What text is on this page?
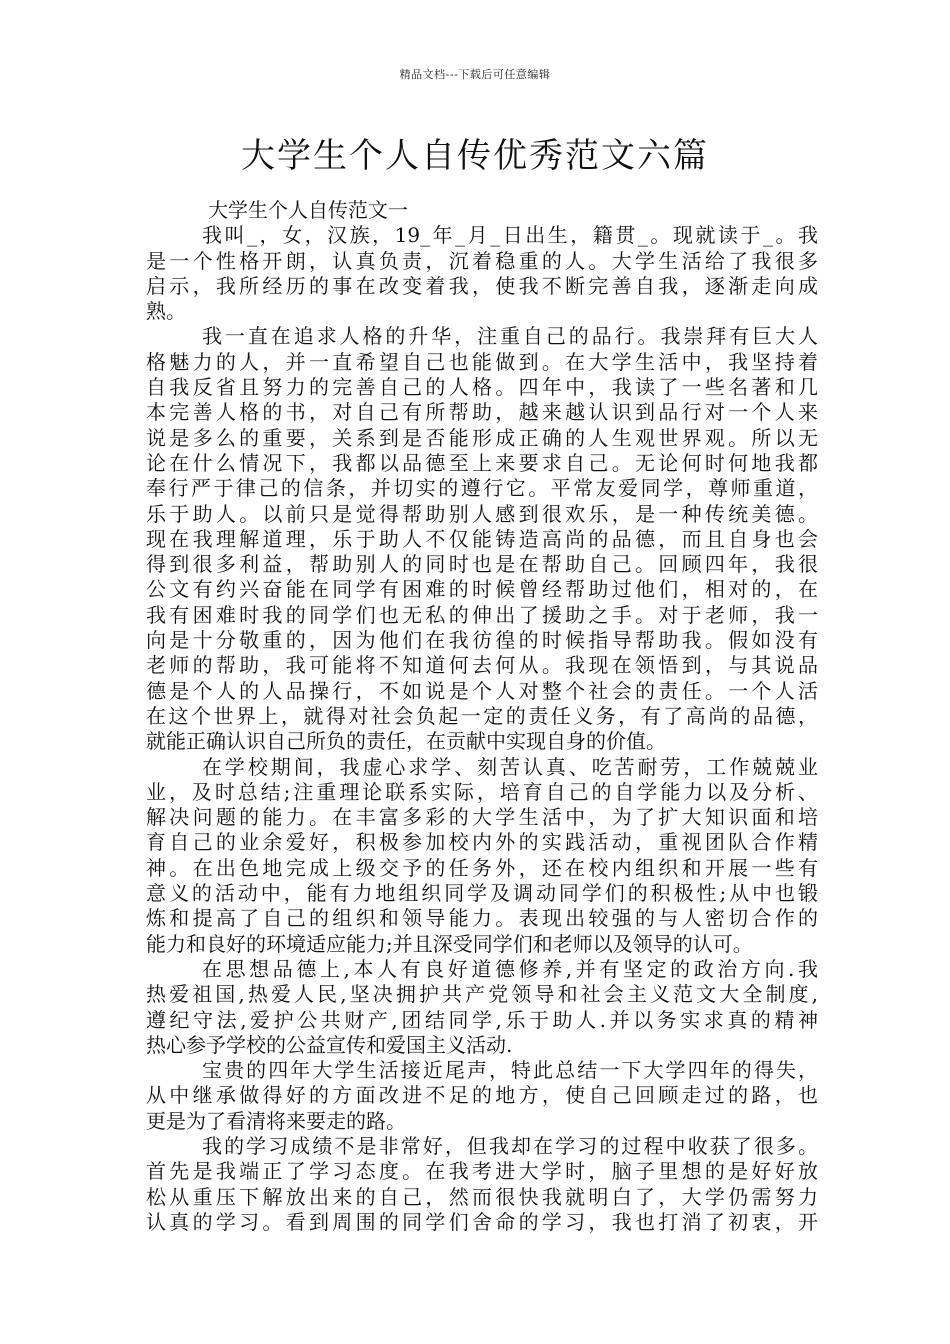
精品文档---下载后可任意编辑
大学生个人自传优秀范文六篇
大学生个人自传范文一
我叫_，女，汉族，19_年_月_日出生，籍贯_。现就读于_。我
是一个性格开朗，认真负责，沉着稳重的人。大学生活给了我很多
启示，我所经历的事在改变着我，使我不断完善自我，逐渐走向成
熟。
我一直在追求人格的升华，注重自己的品行。我崇拜有巨大人
格魅力的人，并一直希望自己也能做到。在大学生活中，我坚持着
自我反省且努力的完善自己的人格。四年中，我读了一些名著和几
本完善人格的书，对自己有所帮助，越来越认识到品行对一个人来
说是多么的重要，关系到是否能形成正确的人生观世界观。所以无
论在什么情况下，我都以品德至上来要求自己。无论何时何地我都
奉行严于律己的信条，并切实的遵行它。平常友爱同学，尊师重道，
乐于助人。以前只是觉得帮助别人感到很欢乐，是一种传统美德。
现在我理解道理，乐于助人不仅能铸造高尚的品德，而且自身也会
得到很多利益，帮助别人的同时也是在帮助自己。回顾四年，我很
公文有约兴奋能在同学有困难的时候曾经帮助过他们，相对的，在
我有困难时我的同学们也无私的伸出了援助之手。对于老师，我一
向是十分敬重的，因为他们在我彷徨的时候指导帮助我。假如没有
老师的帮助，我可能将不知道何去何从。我现在领悟到，与其说品
德是个人的人品操行，不如说是个人对整个社会的责任。一个人活
在这个世界上，就得对社会负起一定的责任义务，有了高尚的品德，
就能正确认识自己所负的责任，在贡献中实现自身的价值。
在学校期间，我虚心求学、刻苦认真、吃苦耐劳，工作兢兢业
业，及时总结;注重理论联系实际，培育自己的自学能力以及分析、
解决问题的能力。在丰富多彩的大学生活中，为了扩大知识面和培
育自己的业余爱好，积极参加校内外的实践活动，重视团队合作精
神。在出色地完成上级交予的任务外，还在校内组织和开展一些有
意义的活动中，能有力地组织同学及调动同学们的积极性;从中也锻
炼和提高了自己的组织和领导能力。表现出较强的与人密切合作的
能力和良好的环境适应能力;并且深受同学们和老师以及领导的认可。
在思想品德上,本人有良好道德修养,并有坚定的政治方向.我
热爱祖国,热爱人民,坚决拥护共产党领导和社会主义范文大全制度,
遵纪守法,爱护公共财产,团结同学,乐于助人.并以务实求真的精神
热心参予学校的公益宣传和爱国主义活动.
宝贵的四年大学生活接近尾声，特此总结一下大学四年的得失，
从中继承做得好的方面改进不足的地方，使自己回顾走过的路，也
更是为了看清将来要走的路。
我的学习成绩不是非常好，但我却在学习的过程中收获了很多。
首先是我端正了学习态度。在我考进大学时，脑子里想的是好好放
松从重压下解放出来的自己，然而很快我就明白了，大学仍需努力
认真的学习。看到周围的同学们舍命的学习，我也打消了初衷，开
